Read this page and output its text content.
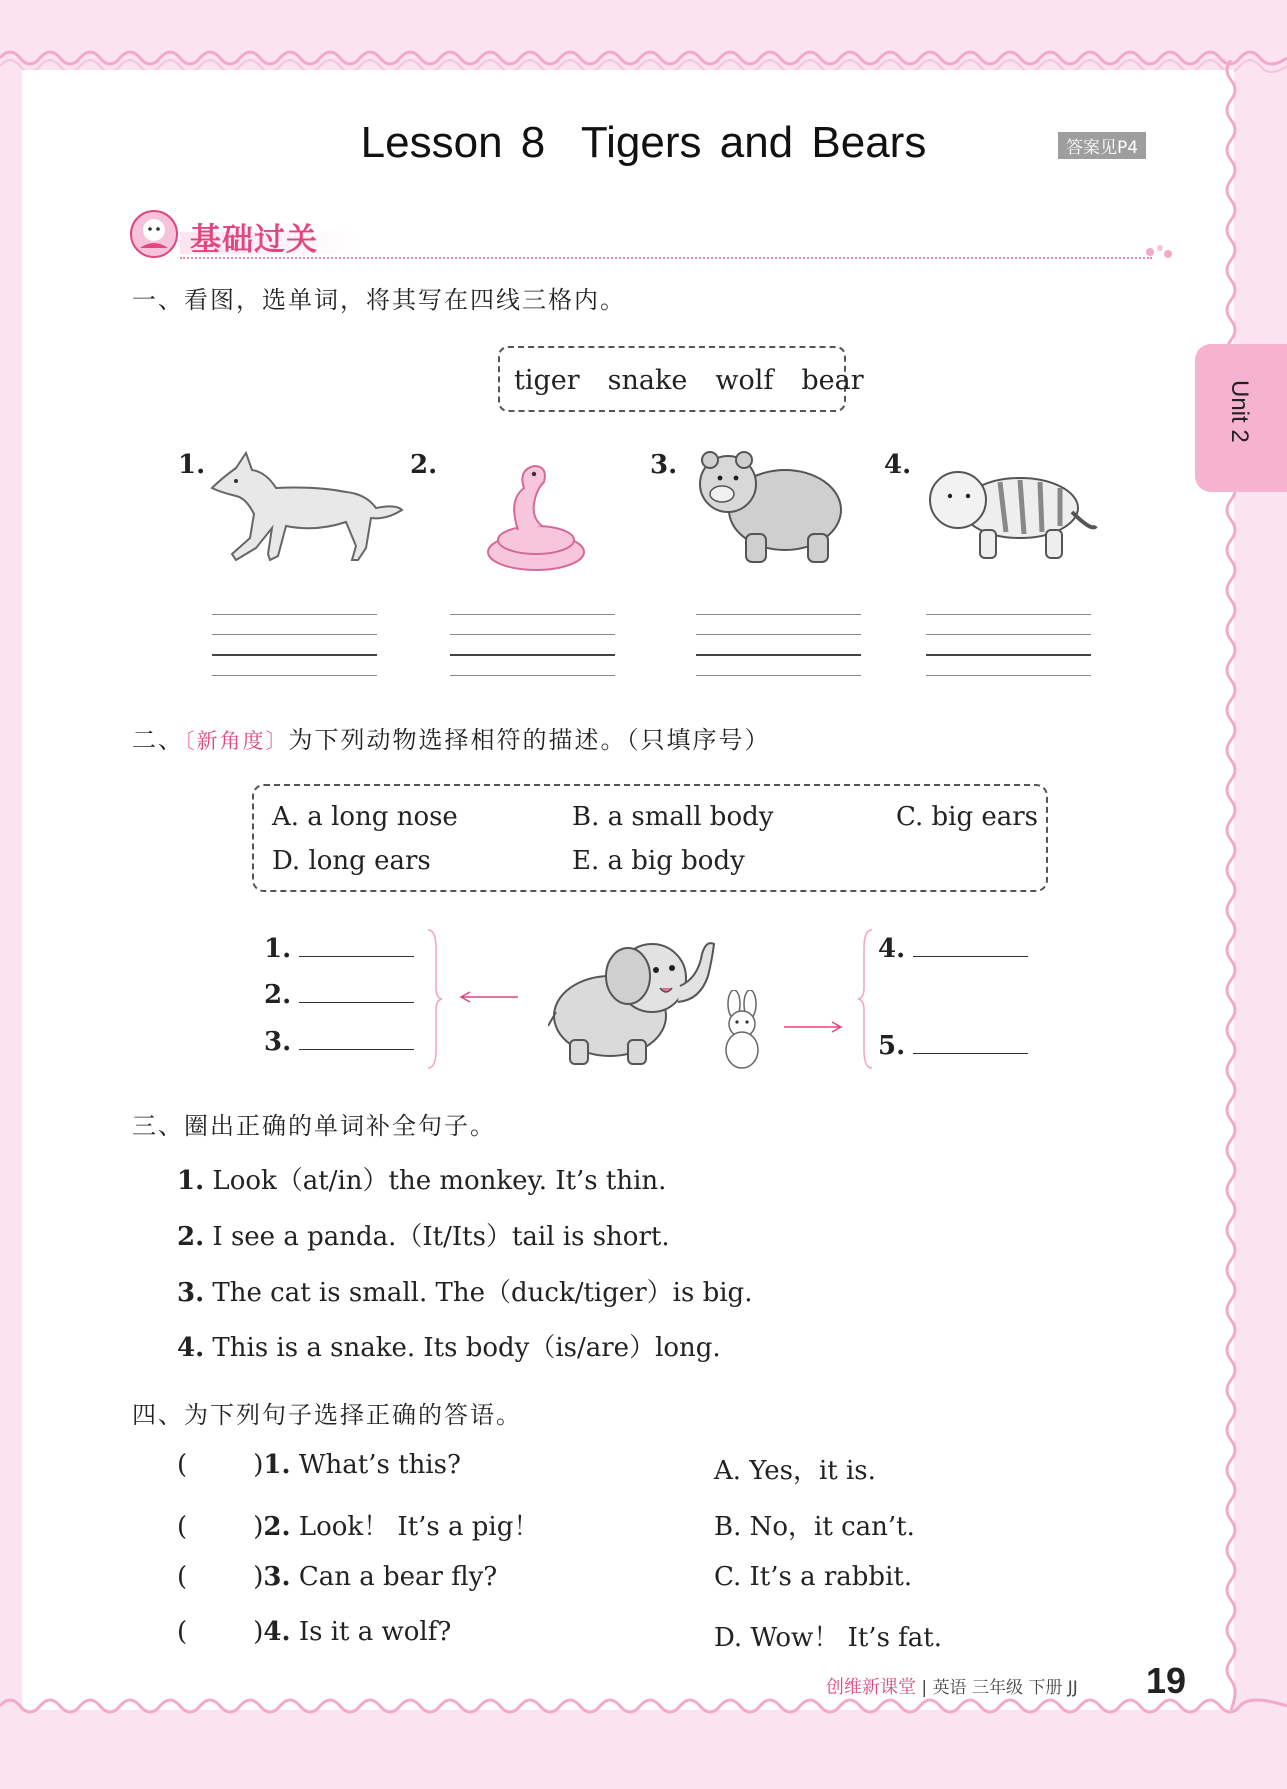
Lesson 8  Tigers and Bears	答案见P4
Unit 2
基础过关
一、看图，选单词，将其写在四线三格内。
tiger snake wolf bear
1.	2.	3.	4.
二、〔新角度〕为下列动物选择相符的描述。（只填序号）
A. a long nose	B. a small body	C. big ears
D. long ears	E. a big body
1.
2.
3.
4.
5.
三、圈出正确的单词补全句子。
1. Look（at/in）the monkey. It’s thin.
2. I see a panda.（It/Its）tail is short.
3. The cat is small. The（duck/tiger）is big.
4. This is a snake. Its body（is/are）long.
四、为下列句子选择正确的答语。
(        )1. What’s this?	A. Yes，it is.
(        )2. Look！ It’s a pig！	B. No，it can’t.
(        )3. Can a bear fly?	C. It’s a rabbit.
(        )4. Is it a wolf?	D. Wow！ It’s fat.
创维新课堂 | 英语 三年级 下册 JJ 19
